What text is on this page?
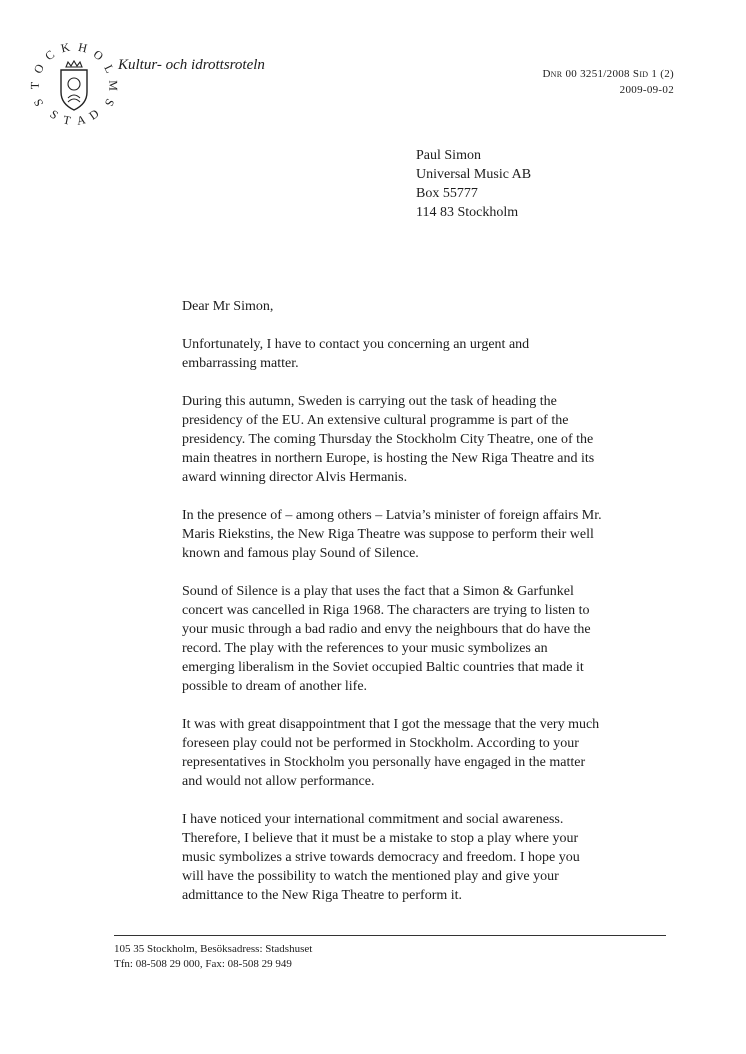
S
T
O
C K H O
L
M
S
S T A D
Kultur- och idrottsroteln
Dnr 00 3251/2008 Sid 1 (2)
2009-09-02
Paul Simon
Universal Music AB
Box 55777
114 83 Stockholm

Dear Mr Simon,

Unfortunately, I have to contact you concerning an urgent and embarrassing matter.

During this autumn, Sweden is carrying out the task of heading the presidency of the EU. An extensive cultural programme is part of the presidency. The coming Thursday the Stockholm City Theatre, one of the main theatres in northern Europe, is hosting the New Riga Theatre and its award winning director Alvis Hermanis.

In the presence of – among others – Latvia’s minister of foreign affairs Mr. Maris Riekstins, the New Riga Theatre was suppose to perform their well known and famous play Sound of Silence.

Sound of Silence is a play that uses the fact that a Simon & Garfunkel concert was cancelled in Riga 1968. The characters are trying to listen to your music through a bad radio and envy the neighbours that do have the record. The play with the references to your music symbolizes an emerging liberalism in the Soviet occupied Baltic countries that made it possible to dream of another life.

It was with great disappointment that I got the message that the very much foreseen play could not be performed in Stockholm. According to your representatives in Stockholm you personally have engaged in the matter and would not allow performance.

I have noticed your international commitment and social awareness. Therefore, I believe that it must be a mistake to stop a play where your music symbolizes a strive towards democracy and freedom. I hope you will have the possibility to watch the mentioned play and give your admittance to the New Riga Theatre to perform it.

105 35 Stockholm, Besöksadress: Stadshuset
Tfn: 08-508 29 000, Fax: 08-508 29 949
